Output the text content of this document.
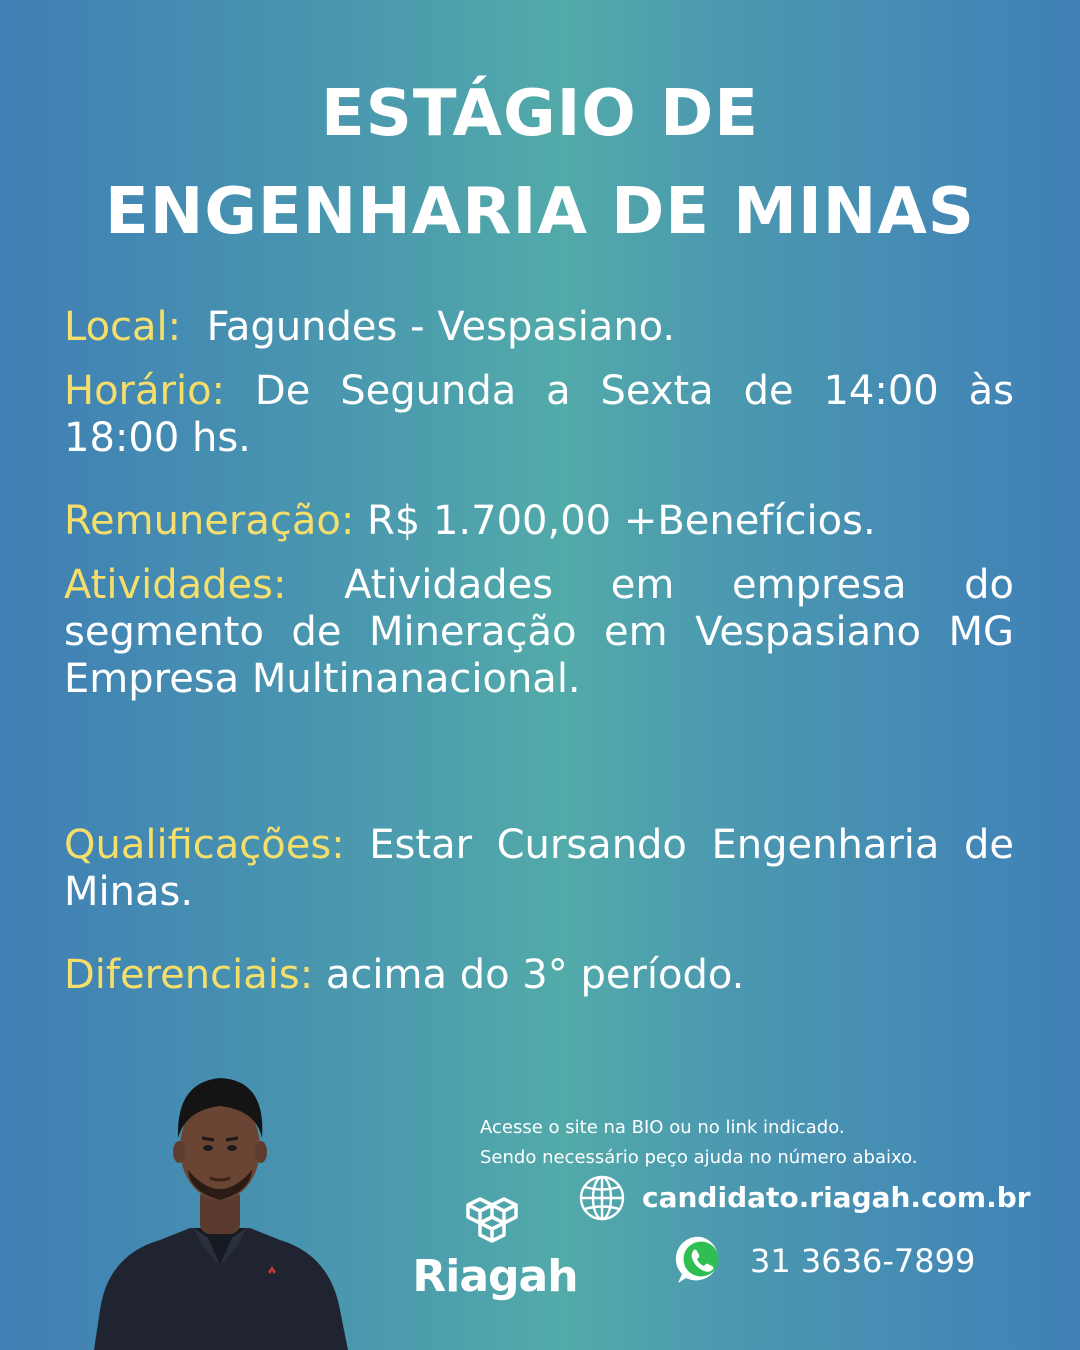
ESTÁGIO DE
ENGENHARIA DE MINAS
Local: Fagundes - Vespasiano.
Horário: De Segunda a Sexta de 14:00 às 18:00 hs.
Remuneração: R$ 1.700,00 +Benefícios.
Atividades: Atividades em empresa do segmento de Mineração em Vespasiano MG Empresa Multinanacional.
Qualificações: Estar Cursando Engenharia de Minas.
Diferenciais: acima do 3° período.
Riagah
Acesse o site na BIO ou no link indicado.
Sendo necessário peço ajuda no número abaixo.
candidato.riagah.com.br
31 3636-7899
